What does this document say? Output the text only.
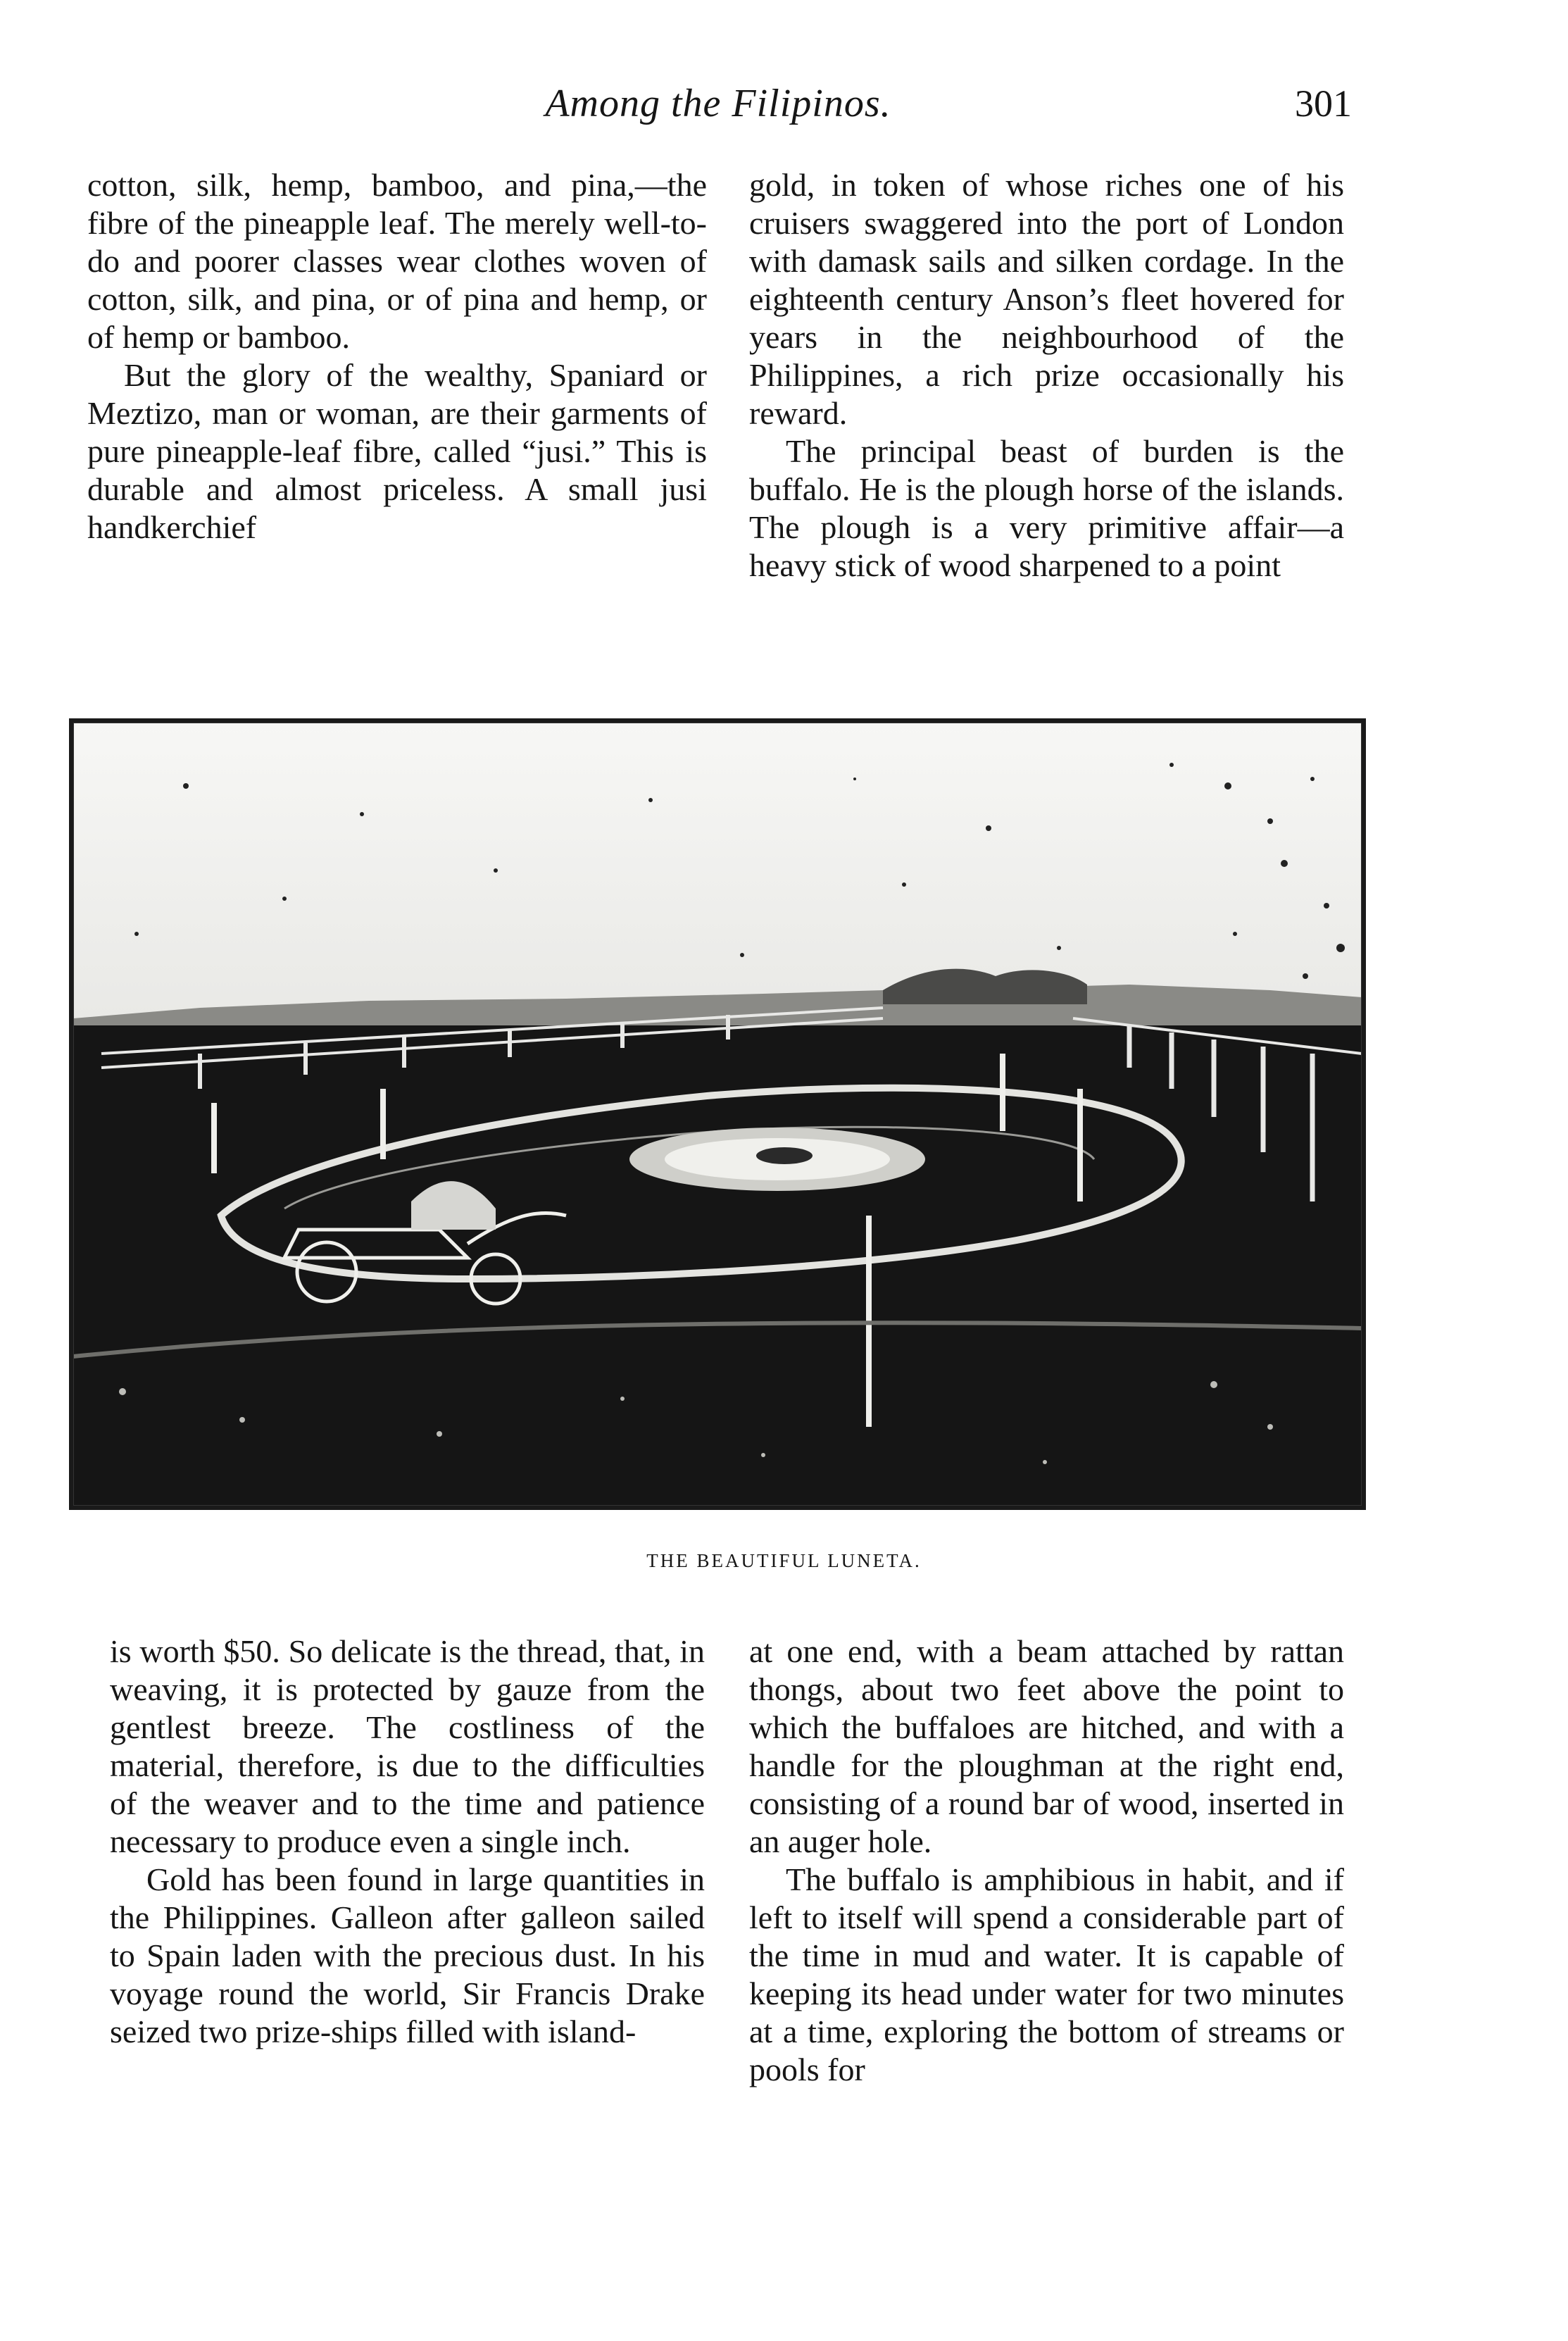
Among the Filipinos.	301

cotton, silk, hemp, bamboo, and pina,—the fibre of the pineapple leaf. The merely well-to-do and poorer classes wear clothes woven of cotton, silk, and pina, or of pina and hemp, or of hemp or bamboo.

But the glory of the wealthy, Spaniard or Meztizo, man or woman, are their garments of pure pineapple-leaf fibre, called “jusi.” This is durable and almost priceless. A small jusi handkerchief

gold, in token of whose riches one of his cruisers swaggered into the port of London with damask sails and silken cordage. In the eighteenth century Anson’s fleet hovered for years in the neighbourhood of the Philippines, a rich prize occasionally his reward.

The principal beast of burden is the buffalo. He is the plough horse of the islands. The plough is a very primitive affair—a heavy stick of wood sharpened to a point

THE BEAUTIFUL LUNETA.

is worth $50. So delicate is the thread, that, in weaving, it is protected by gauze from the gentlest breeze. The costliness of the material, therefore, is due to the difficulties of the weaver and to the time and patience necessary to produce even a single inch.

Gold has been found in large quantities in the Philippines. Galleon after galleon sailed to Spain laden with the precious dust. In his voyage round the world, Sir Francis Drake seized two prize-ships filled with island-

at one end, with a beam attached by rattan thongs, about two feet above the point to which the buffaloes are hitched, and with a handle for the ploughman at the right end, consisting of a round bar of wood, inserted in an auger hole.

The buffalo is amphibious in habit, and if left to itself will spend a considerable part of the time in mud and water. It is capable of keeping its head under water for two minutes at a time, exploring the bottom of streams or pools for
